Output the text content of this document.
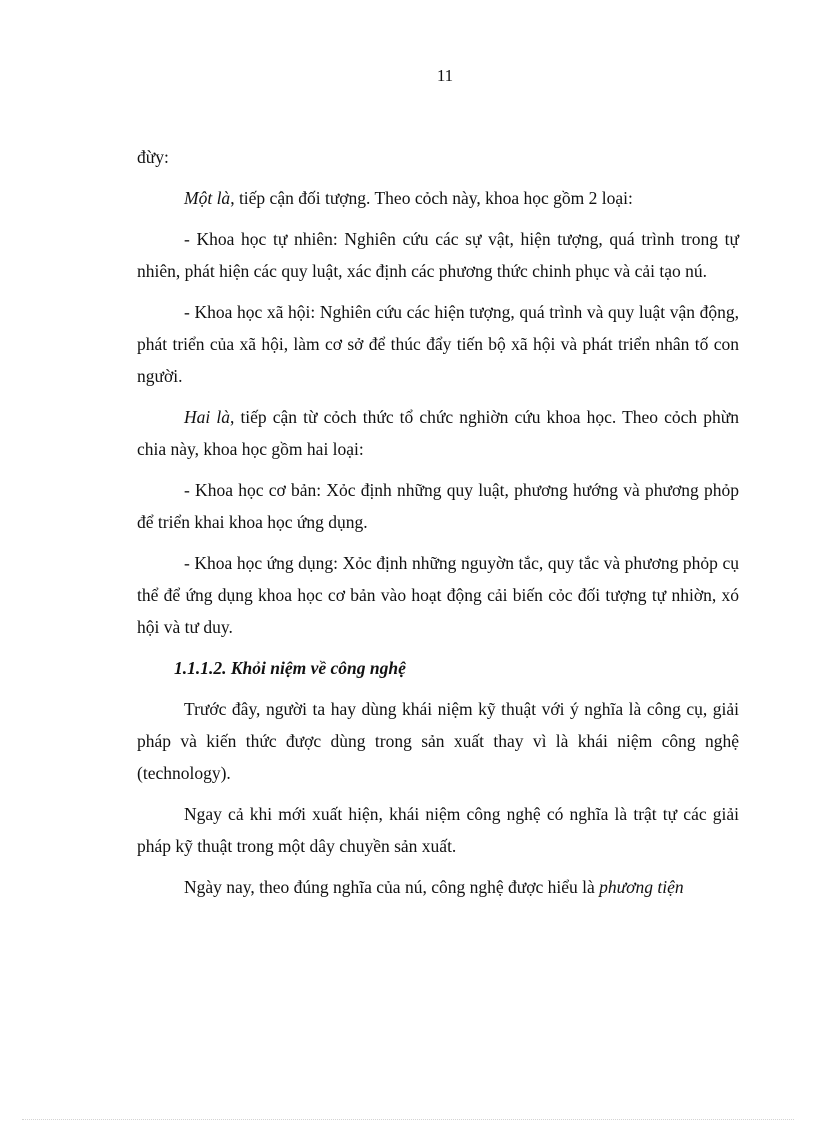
11

đừy:

Một là, tiếp cận đối tượng. Theo cỏch này, khoa học gồm 2 loại:

- Khoa học tự nhiên: Nghiên cứu các sự vật, hiện tượng, quá trình trong tự nhiên, phát hiện các quy luật, xác định các phương thức chinh phục và cải tạo nú.

- Khoa học xã hội: Nghiên cứu các hiện tượng, quá trình và quy luật vận động, phát triển của xã hội, làm cơ sở để thúc đẩy tiến bộ xã hội và phát triển nhân tố con người.

Hai là, tiếp cận từ cỏch thức tổ chức nghiờn cứu khoa học. Theo cỏch phừn chia này, khoa học gồm hai loại:

- Khoa học cơ bản: Xỏc định những quy luật, phương hướng và phương phỏp để triển khai khoa học ứng dụng.

- Khoa học ứng dụng: Xỏc định những nguyờn tắc, quy tắc và phương phỏp cụ thể để ứng dụng khoa học cơ bản vào hoạt động cải biến cỏc đối tượng tự nhiờn, xó hội và tư duy.

1.1.1.2. Khỏi niệm về công nghệ

Trước đây, người ta hay dùng khái niệm kỹ thuật với ý nghĩa là công cụ, giải pháp và kiến thức được dùng trong sản xuất thay vì là khái niệm công nghệ (technology).

Ngay cả khi mới xuất hiện, khái niệm công nghệ có nghĩa là trật tự các giải pháp kỹ thuật trong một dây chuyền sản xuất.

Ngày nay, theo đúng nghĩa của nú, công nghệ được hiểu là phương tiện
